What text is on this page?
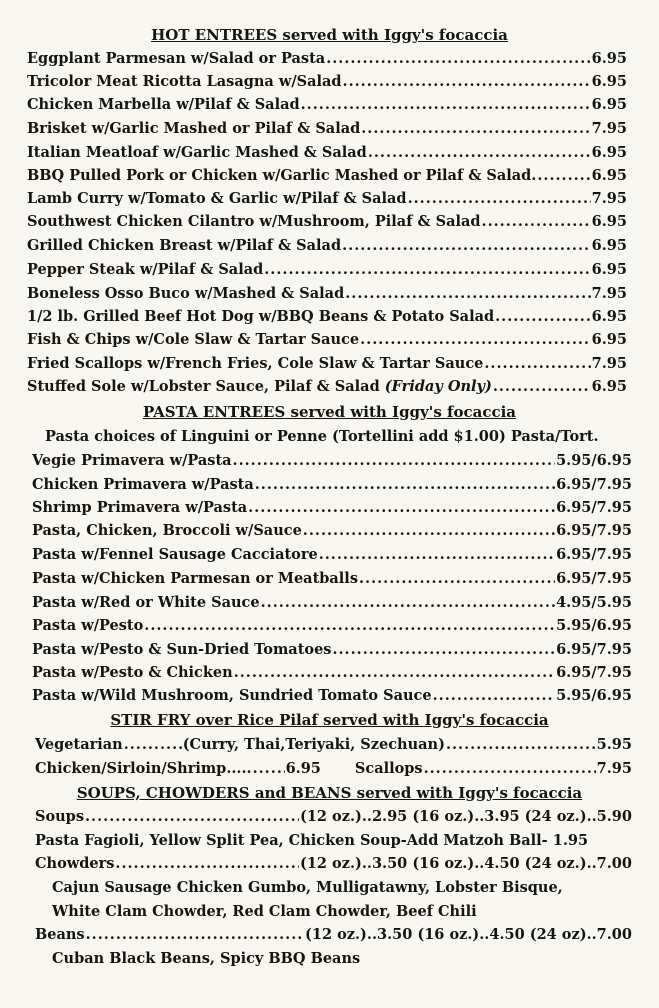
HOT ENTREES served with Iggy's focaccia
Eggplant Parmesan w/Salad or Pasta .....	6.95
Tricolor Meat Ricotta Lasagna w/Salad .....	6.95
Chicken Marbella w/Pilaf & Salad .....	6.95
Brisket w/Garlic Mashed or Pilaf & Salad .....	7.95
Italian Meatloaf w/Garlic Mashed & Salad .....	6.95
BBQ Pulled Pork or Chicken w/Garlic Mashed or Pilaf & Salad. .....	6.95
Lamb Curry w/Tomato & Garlic w/Pilaf & Salad .....	7.95
Southwest Chicken Cilantro w/Mushroom, Pilaf & Salad .....	6.95
Grilled Chicken Breast w/Pilaf & Salad .....	6.95
Pepper Steak w/Pilaf & Salad .....	6.95
Boneless Osso Buco w/Mashed & Salad .....	7.95
1/2 lb. Grilled Beef Hot Dog w/BBQ Beans & Potato Salad .....	6.95
Fish & Chips w/Cole Slaw & Tartar Sauce .....	6.95
Fried Scallops w/French Fries, Cole Slaw & Tartar Sauce .....	7.95
Stuffed Sole w/Lobster Sauce, Pilaf & Salad (Friday Only) .....	6.95
PASTA ENTREES served with Iggy's focaccia
Pasta choices of Linguini or Penne (Tortellini add $1.00) Pasta/Tort.
Vegie Primavera w/Pasta .....	5.95/6.95
Chicken Primavera w/Pasta .....	6.95/7.95
Shrimp Primavera w/Pasta .....	6.95/7.95
Pasta, Chicken, Broccoli w/Sauce .....	6.95/7.95
Pasta w/Fennel Sausage Cacciatore .....	6.95/7.95
Pasta w/Chicken Parmesan or Meatballs .....	6.95/7.95
Pasta w/Red or White Sauce .....	4.95/5.95
Pasta w/Pesto .....	5.95/6.95
Pasta w/Pesto & Sun-Dried Tomatoes .....	6.95/7.95
Pasta w/Pesto & Chicken .....	6.95/7.95
Pasta w/Wild Mushroom, Sundried Tomato Sauce .....	5.95/6.95
STIR FRY over Rice Pilaf served with Iggy's focaccia
Vegetarian .....	(Curry, Thai,Teriyaki, Szechuan) .....	5.95
Chicken/Sirloin/Shrimp..... ..... 6.95 Scallops .....	7.95
SOUPS, CHOWDERS and BEANS served with Iggy's focaccia
Soups .....	(12 oz.)..2.95 (16 oz.)..3.95 (24 oz.)..5.90
Pasta Fagioli, Yellow Split Pea, Chicken Soup-Add Matzoh Ball- 1.95
Chowders .....	(12 oz.)..3.50 (16 oz.)..4.50 (24 oz.)..7.00
Cajun Sausage Chicken Gumbo, Mulligatawny, Lobster Bisque,
White Clam Chowder, Red Clam Chowder, Beef Chili
Beans .....	(12 oz.)..3.50 (16 oz.)..4.50 (24 oz)..7.00
Cuban Black Beans, Spicy BBQ Beans
